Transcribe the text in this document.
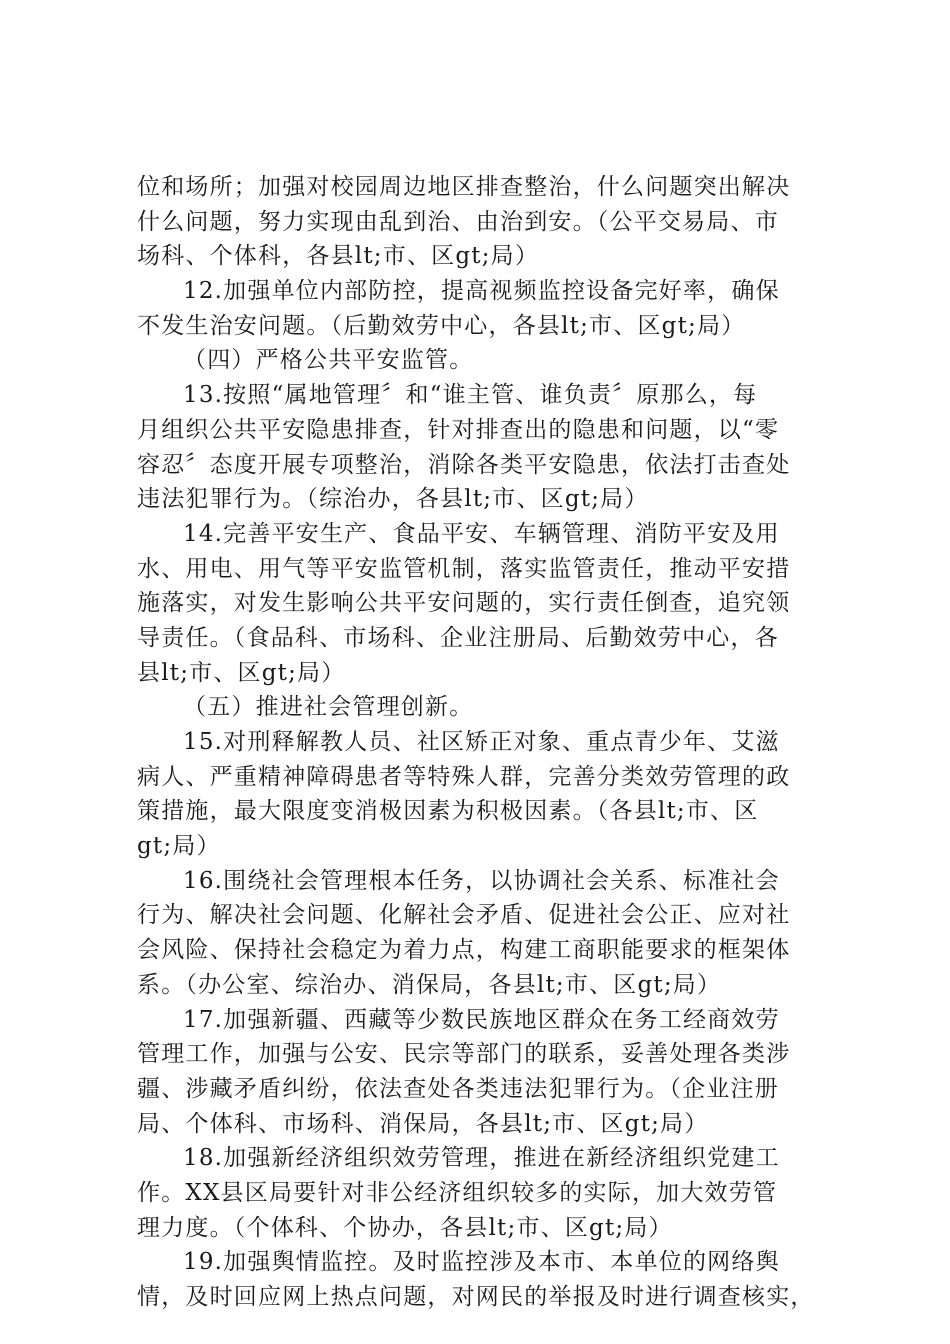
位和场所；加强对校园周边地区排查整治，什么问题突出解决
什么问题，努力实现由乱到治、由治到安。（公平交易局、市
场科、个体科，各县lt;市、区gt;局）
12.加强单位内部防控，提高视频监控设备完好率，确保
不发生治安问题。（后勤效劳中心，各县lt;市、区gt;局）
（四）严格公共平安监管。
13.按照“属地管理〞和“谁主管、谁负责〞原那么，每
月组织公共平安隐患排查，针对排查出的隐患和问题，以“零
容忍〞态度开展专项整治，消除各类平安隐患，依法打击查处
违法犯罪行为。（综治办，各县lt;市、区gt;局）
14.完善平安生产、食品平安、车辆管理、消防平安及用
水、用电、用气等平安监管机制，落实监管责任，推动平安措
施落实，对发生影响公共平安问题的，实行责任倒查，追究领
导责任。（食品科、市场科、企业注册局、后勤效劳中心，各
县lt;市、区gt;局）
（五）推进社会管理创新。
15.对刑释解教人员、社区矫正对象、重点青少年、艾滋
病人、严重精神障碍患者等特殊人群，完善分类效劳管理的政
策措施，最大限度变消极因素为积极因素。（各县lt;市、区
gt;局）
16.围绕社会管理根本任务，以协调社会关系、标准社会
行为、解决社会问题、化解社会矛盾、促进社会公正、应对社
会风险、保持社会稳定为着力点，构建工商职能要求的框架体
系。（办公室、综治办、消保局，各县lt;市、区gt;局）
17.加强新疆、西藏等少数民族地区群众在务工经商效劳
管理工作，加强与公安、民宗等部门的联系，妥善处理各类涉
疆、涉藏矛盾纠纷，依法查处各类违法犯罪行为。（企业注册
局、个体科、市场科、消保局，各县lt;市、区gt;局）
18.加强新经济组织效劳管理，推进在新经济组织党建工
作。XX县区局要针对非公经济组织较多的实际，加大效劳管
理力度。（个体科、个协办，各县lt;市、区gt;局）
19.加强舆情监控。及时监控涉及本市、本单位的网络舆
情，及时回应网上热点问题，对网民的举报及时进行调查核实，
